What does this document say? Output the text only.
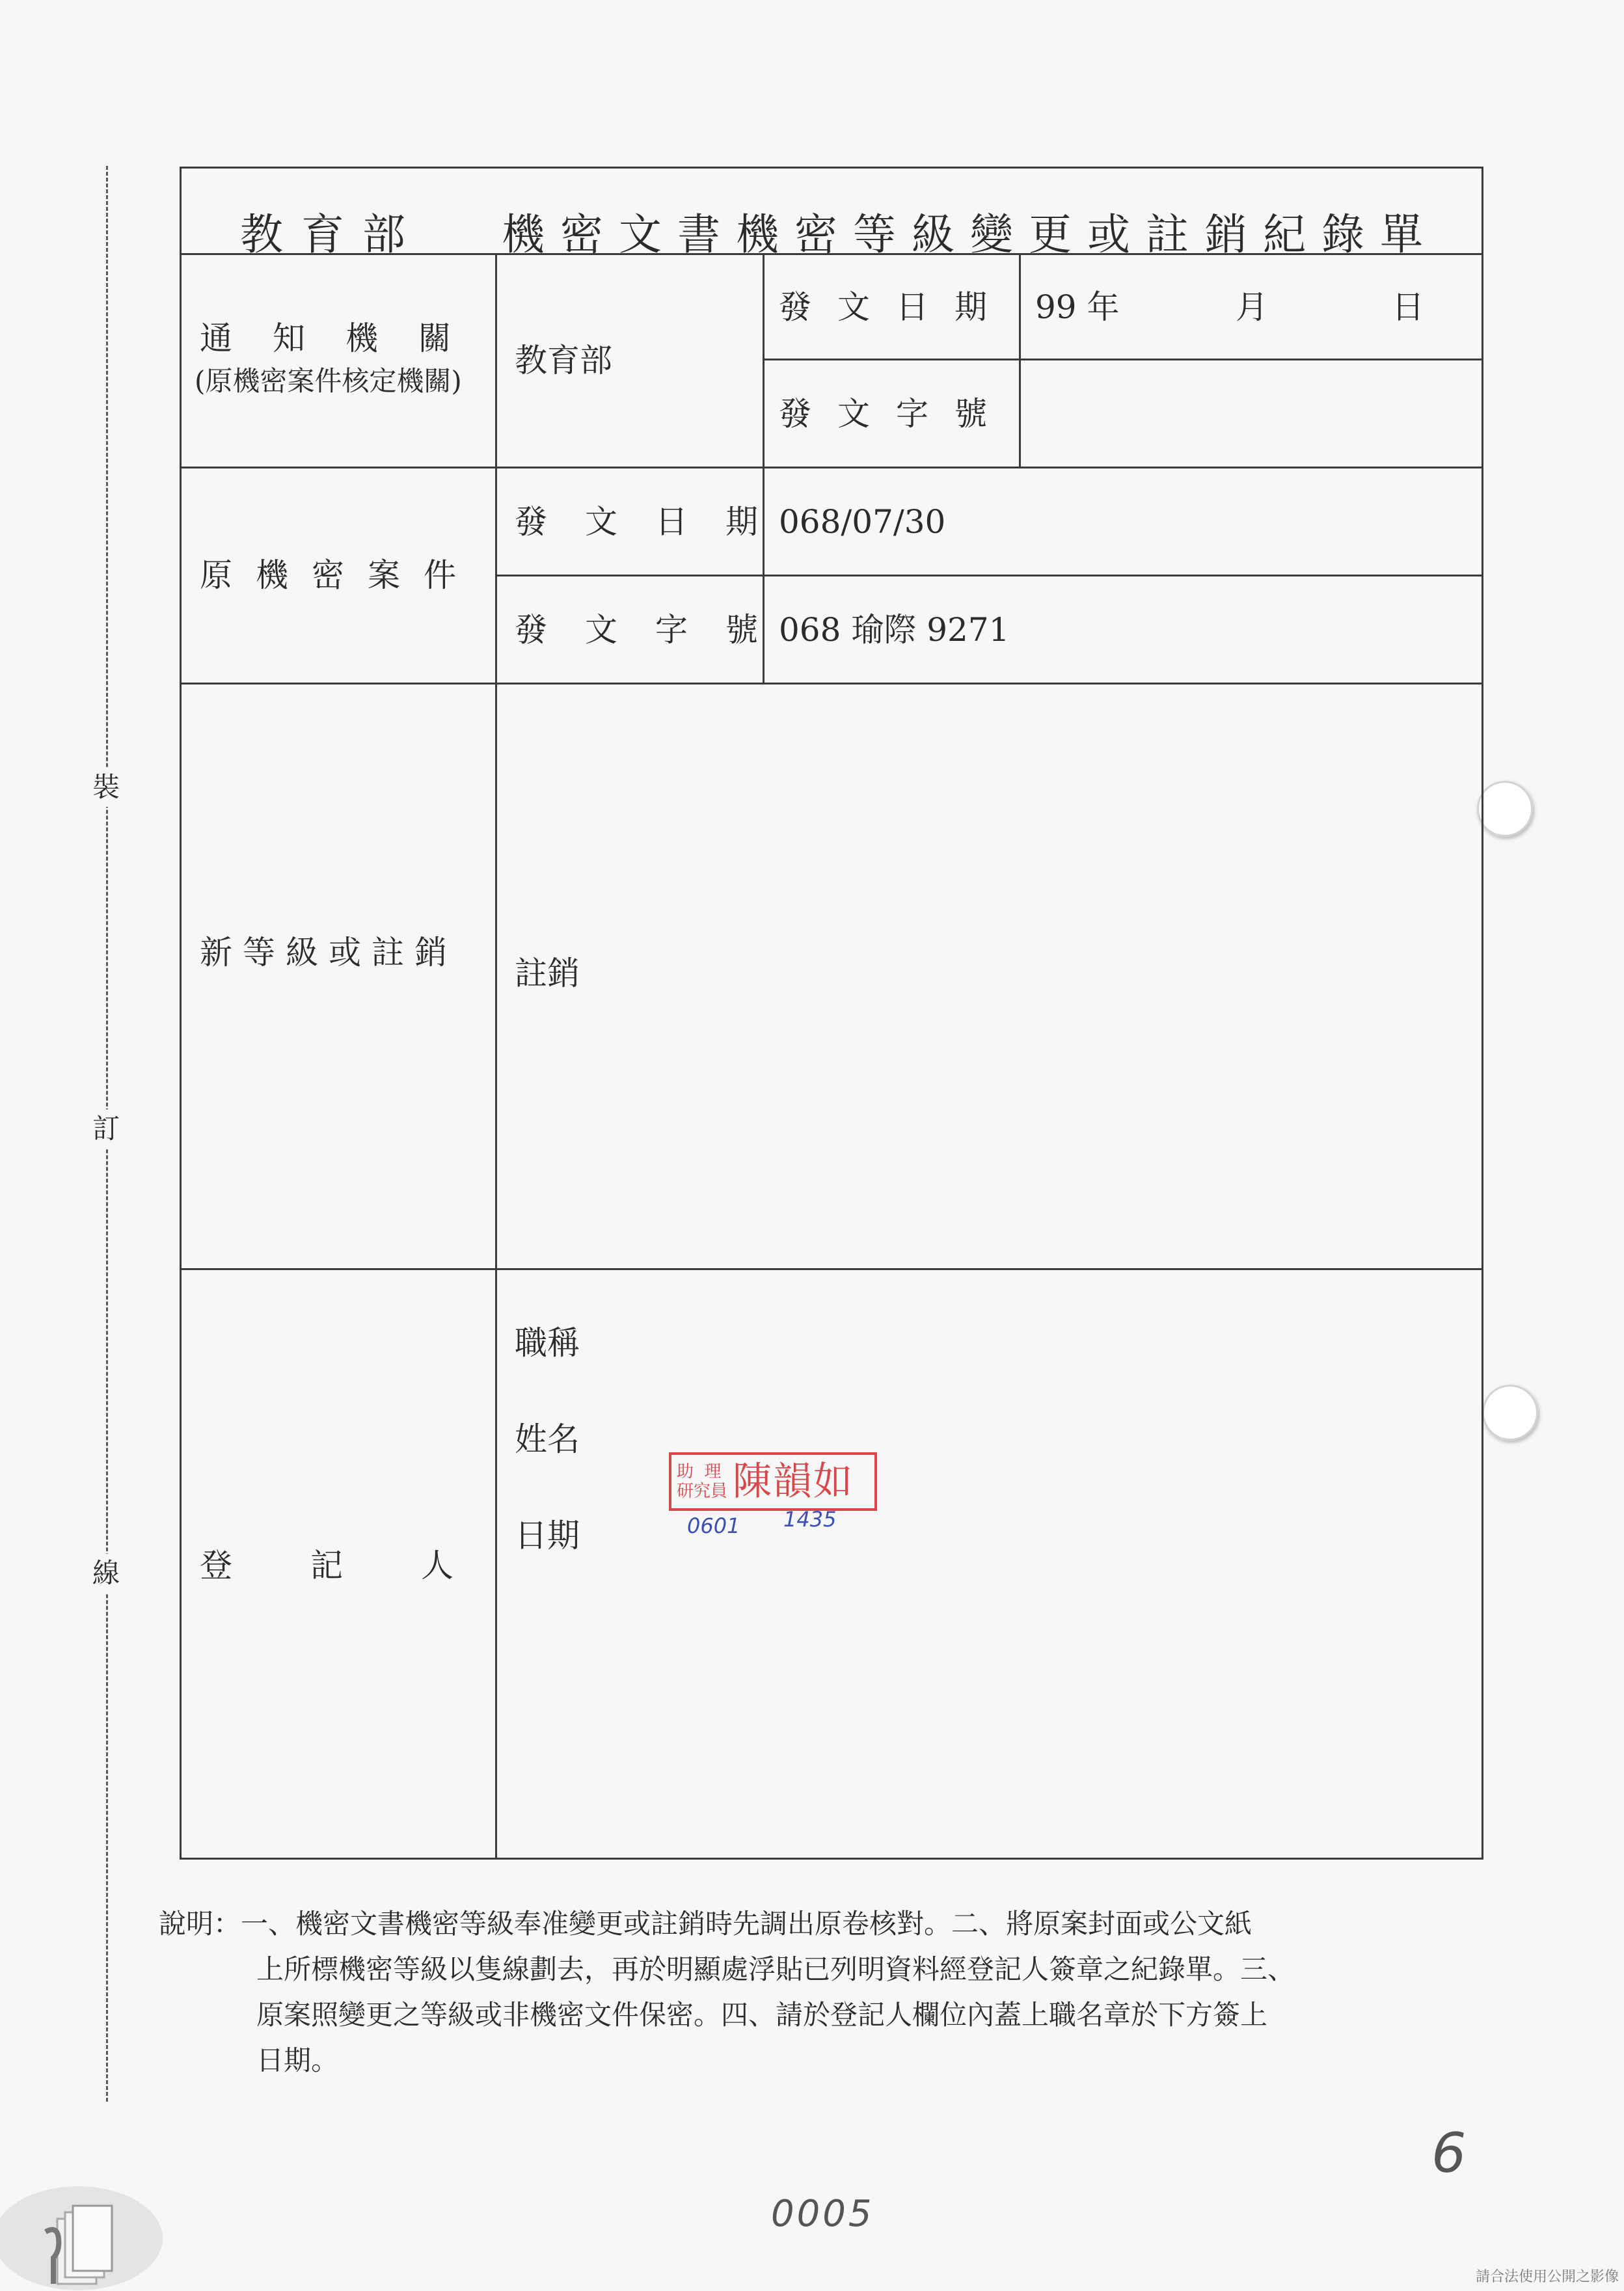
裝
訂
線
教育部 機密文書機密等級變更或註銷紀錄單
通知機關
(原機密案件核定機關)
教育部
發文日期 99 年	月	日
發文字號
原機密案件
發文日期
068/07/30
發文字號
068 瑜際 9271
新等級或註銷
註銷
登記人
職稱
姓名
日期
助 理
研究員 陳韻如
0601 1435
說明：一、機密文書機密等級奉准變更或註銷時先調出原卷核對。二、將原案封面或公文紙
上所標機密等級以隻線劃去，再於明顯處浮貼已列明資料經登記人簽章之紀錄單。三、
原案照變更之等級或非機密文件保密。四、請於登記人欄位內蓋上職名章於下方簽上
日期。
6
0005
請合法使用公開之影像
